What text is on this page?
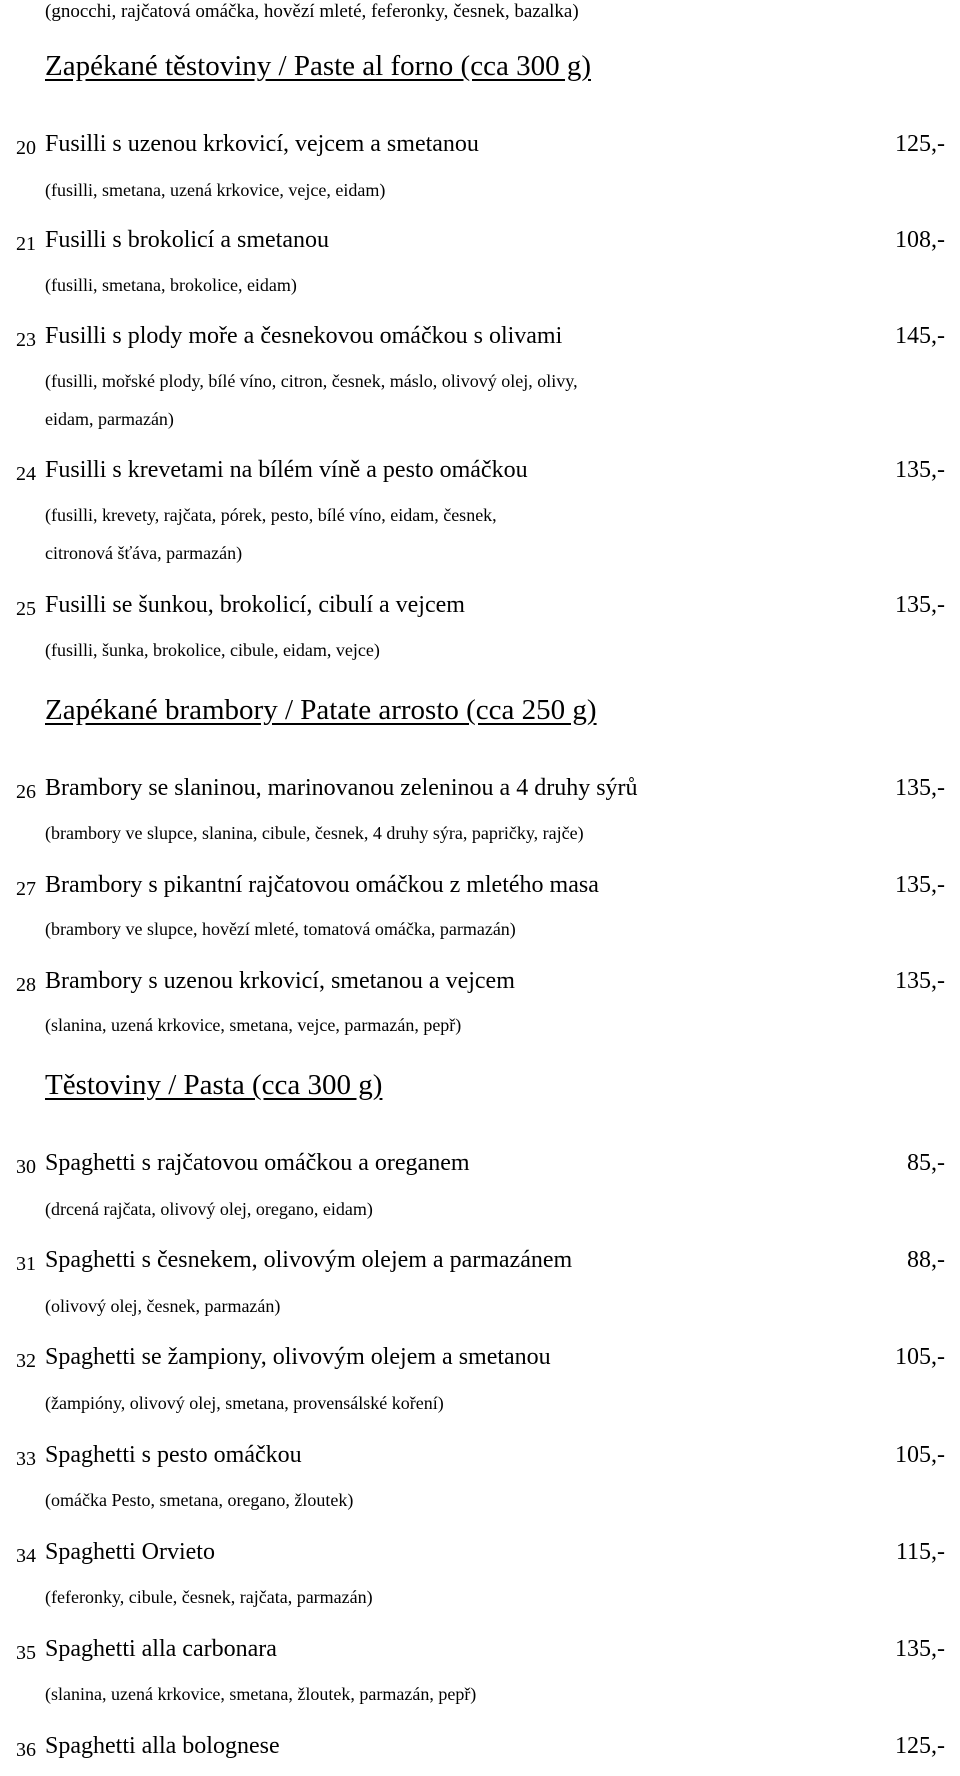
(gnocchi, rajčatová omáčka, hovězí mleté, feferonky, česnek, bazalka)
Zapékané těstoviny / Paste al forno (cca 300 g)
20 Fusilli s uzenou krkovicí, vejcem a smetanou	125,-
(fusilli, smetana, uzená krkovice, vejce, eidam)
21 Fusilli s brokolicí a smetanou	108,-
(fusilli, smetana, brokolice, eidam)
23 Fusilli s plody moře a česnekovou omáčkou s olivami	145,-
(fusilli, mořské plody, bílé víno, citron, česnek, máslo, olivový olej, olivy,
eidam, parmazán)
24 Fusilli s krevetami na bílém víně a pesto omáčkou	135,-
(fusilli, krevety, rajčata, pórek, pesto, bílé víno, eidam, česnek,
citronová šťáva, parmazán)
25 Fusilli se šunkou, brokolicí, cibulí a vejcem	135,-
(fusilli, šunka, brokolice, cibule, eidam, vejce)
Zapékané brambory / Patate arrosto (cca 250 g)
26 Brambory se slaninou, marinovanou zeleninou a 4 druhy sýrů	135,-
(brambory ve slupce, slanina, cibule, česnek, 4 druhy sýra, papričky, rajče)
27 Brambory s pikantní rajčatovou omáčkou z mletého masa	135,-
(brambory ve slupce, hovězí mleté, tomatová omáčka, parmazán)
28 Brambory s uzenou krkovicí, smetanou a vejcem	135,-
(slanina, uzená krkovice, smetana, vejce, parmazán, pepř)
Těstoviny / Pasta (cca 300 g)
30 Spaghetti s rajčatovou omáčkou a oreganem	85,-
(drcená rajčata, olivový olej, oregano, eidam)
31 Spaghetti s česnekem, olivovým olejem a parmazánem	88,-
(olivový olej, česnek, parmazán)
32 Spaghetti se žampiony, olivovým olejem a smetanou	105,-
(žampióny, olivový olej, smetana, provensálské koření)
33 Spaghetti s pesto omáčkou	105,-
(omáčka Pesto, smetana, oregano, žloutek)
34 Spaghetti Orvieto	115,-
(feferonky, cibule, česnek, rajčata, parmazán)
35 Spaghetti alla carbonara	135,-
(slanina, uzená krkovice, smetana, žloutek, parmazán, pepř)
36 Spaghetti alla bolognese	125,-
